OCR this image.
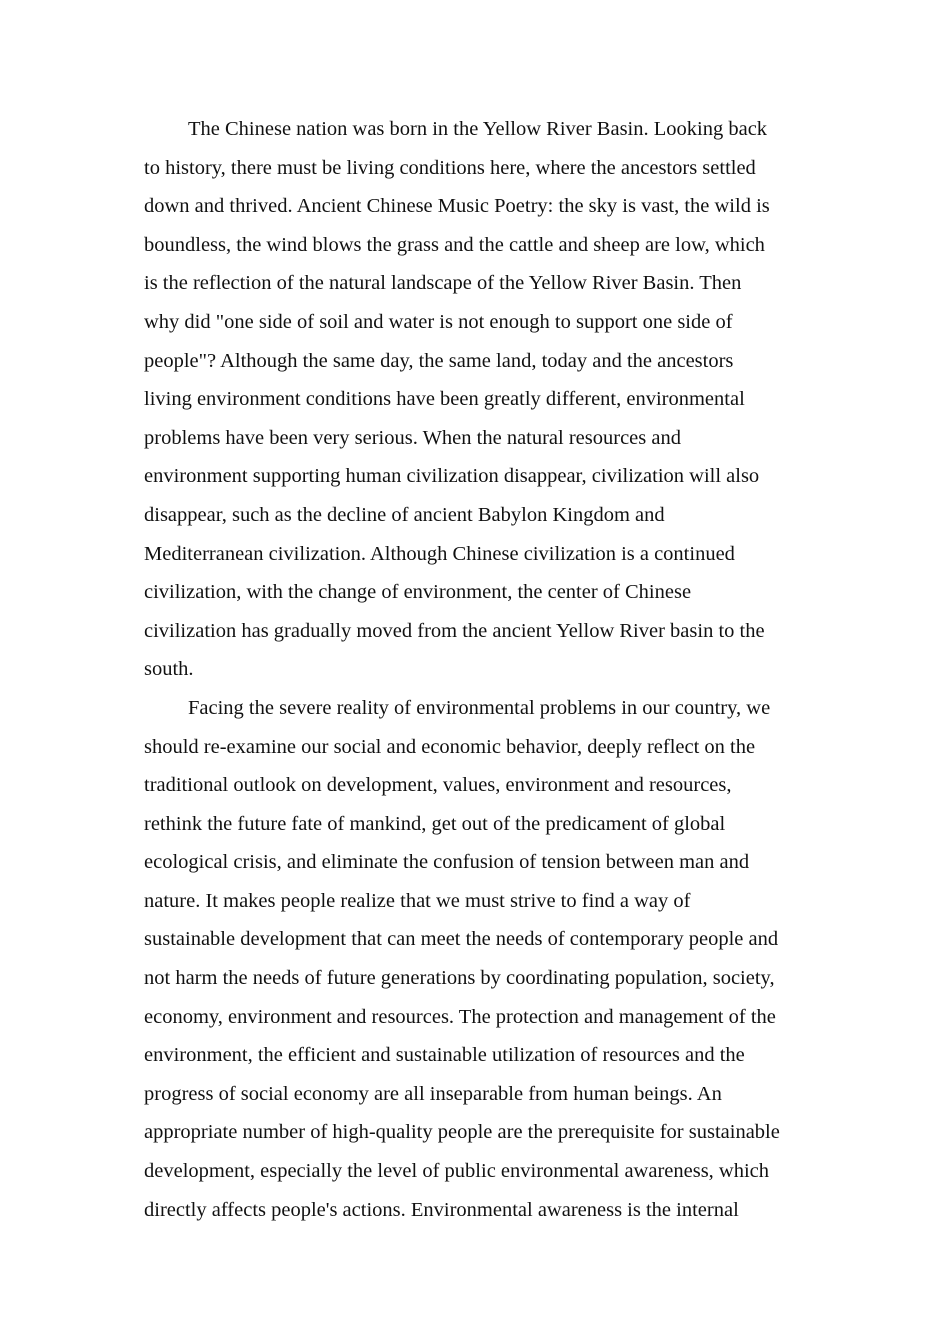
The Chinese nation was born in the Yellow River Basin. Looking back
to history, there must be living conditions here, where the ancestors settled
down and thrived. Ancient Chinese Music Poetry: the sky is vast, the wild is
boundless, the wind blows the grass and the cattle and sheep are low, which
is the reflection of the natural landscape of the Yellow River Basin. Then
why did "one side of soil and water is not enough to support one side of
people"? Although the same day, the same land, today and the ancestors
living environment conditions have been greatly different, environmental
problems have been very serious. When the natural resources and
environment supporting human civilization disappear, civilization will also
disappear, such as the decline of ancient Babylon Kingdom and
Mediterranean civilization. Although Chinese civilization is a continued
civilization, with the change of environment, the center of Chinese
civilization has gradually moved from the ancient Yellow River basin to the
south.
Facing the severe reality of environmental problems in our country, we
should re-examine our social and economic behavior, deeply reflect on the
traditional outlook on development, values, environment and resources,
rethink the future fate of mankind, get out of the predicament of global
ecological crisis, and eliminate the confusion of tension between man and
nature. It makes people realize that we must strive to find a way of
sustainable development that can meet the needs of contemporary people and
not harm the needs of future generations by coordinating population, society,
economy, environment and resources. The protection and management of the
environment, the efficient and sustainable utilization of resources and the
progress of social economy are all inseparable from human beings. An
appropriate number of high-quality people are the prerequisite for sustainable
development, especially the level of public environmental awareness, which
directly affects people's actions. Environmental awareness is the internal
